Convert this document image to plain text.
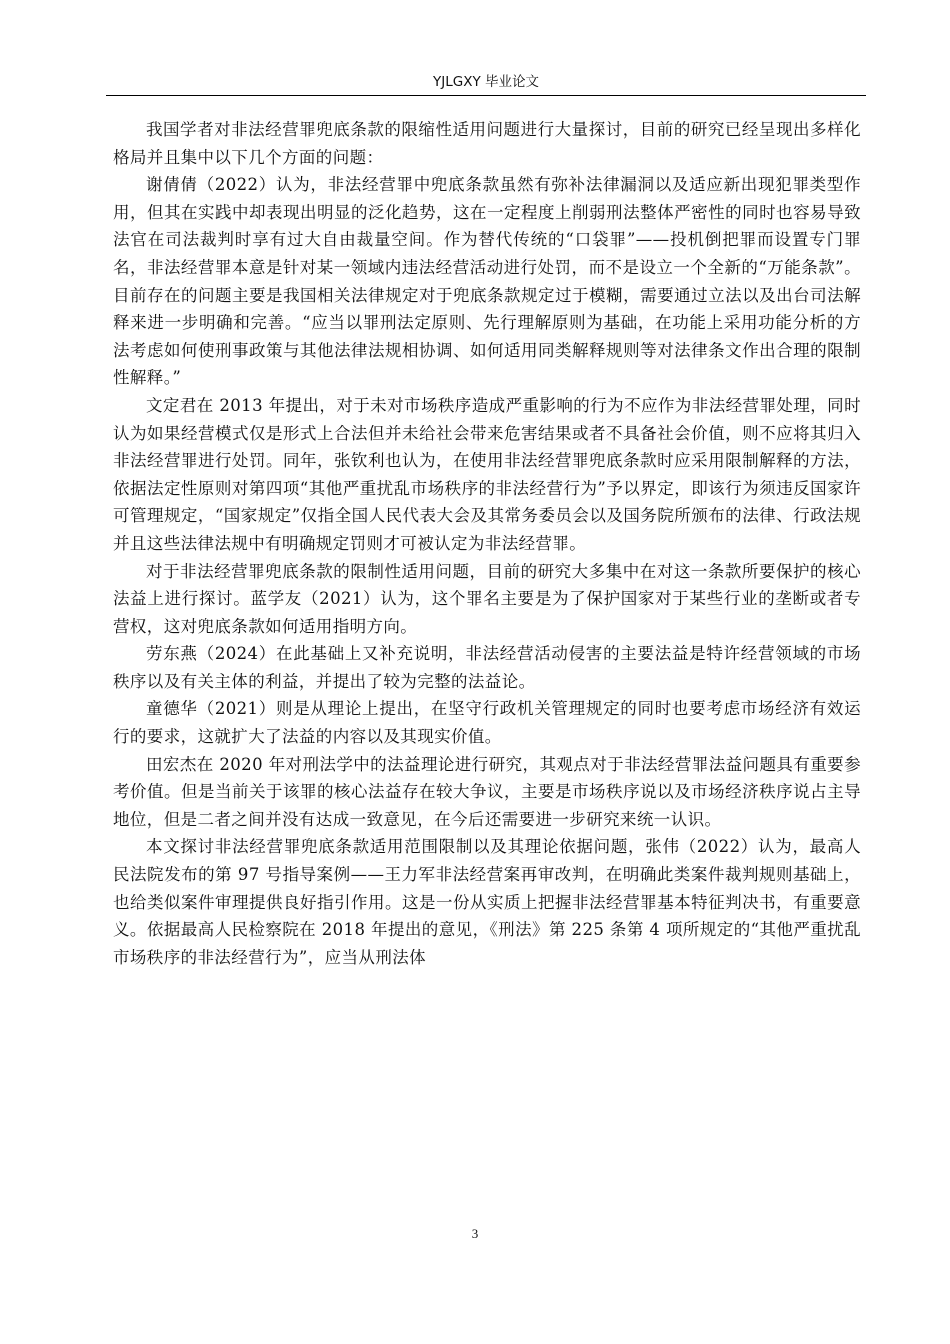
YJLGXY 毕业论文

我国学者对非法经营罪兜底条款的限缩性适用问题进行大量探讨，目前的研究已经呈现出多样化格局并且集中以下几个方面的问题：

谢倩倩（2022）认为，非法经营罪中兜底条款虽然有弥补法律漏洞以及适应新出现犯罪类型作用，但其在实践中却表现出明显的泛化趋势，这在一定程度上削弱刑法整体严密性的同时也容易导致法官在司法裁判时享有过大自由裁量空间。作为替代传统的“口袋罪”——投机倒把罪而设置专门罪名，非法经营罪本意是针对某一领域内违法经营活动进行处罚，而不是设立一个全新的“万能条款”。目前存在的问题主要是我国相关法律规定对于兜底条款规定过于模糊，需要通过立法以及出台司法解释来进一步明确和完善。“应当以罪刑法定原则、先行理解原则为基础，在功能上采用功能分析的方法考虑如何使刑事政策与其他法律法规相协调、如何适用同类解释规则等对法律条文作出合理的限制性解释。”

文定君在 2013 年提出，对于未对市场秩序造成严重影响的行为不应作为非法经营罪处理，同时认为如果经营模式仅是形式上合法但并未给社会带来危害结果或者不具备社会价值，则不应将其归入非法经营罪进行处罚。同年，张钦利也认为，在使用非法经营罪兜底条款时应采用限制解释的方法，依据法定性原则对第四项“其他严重扰乱市场秩序的非法经营行为”予以界定，即该行为须违反国家许可管理规定，“国家规定”仅指全国人民代表大会及其常务委员会以及国务院所颁布的法律、行政法规并且这些法律法规中有明确规定罚则才可被认定为非法经营罪。

对于非法经营罪兜底条款的限制性适用问题，目前的研究大多集中在对这一条款所要保护的核心法益上进行探讨。蓝学友（2021）认为，这个罪名主要是为了保护国家对于某些行业的垄断或者专营权，这对兜底条款如何适用指明方向。

劳东燕（2024）在此基础上又补充说明，非法经营活动侵害的主要法益是特许经营领域的市场秩序以及有关主体的利益，并提出了较为完整的法益论。

童德华（2021）则是从理论上提出，在坚守行政机关管理规定的同时也要考虑市场经济有效运行的要求，这就扩大了法益的内容以及其现实价值。

田宏杰在 2020 年对刑法学中的法益理论进行研究，其观点对于非法经营罪法益问题具有重要参考价值。但是当前关于该罪的核心法益存在较大争议，主要是市场秩序说以及市场经济秩序说占主导地位，但是二者之间并没有达成一致意见，在今后还需要进一步研究来统一认识。

本文探讨非法经营罪兜底条款适用范围限制以及其理论依据问题，张伟（2022）认为，最高人民法院发布的第 97 号指导案例——王力军非法经营案再审改判，在明确此类案件裁判规则基础上，也给类似案件审理提供良好指引作用。这是一份从实质上把握非法经营罪基本特征判决书，有重要意义。依据最高人民检察院在 2018 年提出的意见，《刑法》第 225 条第 4 项所规定的“其他严重扰乱市场秩序的非法经营行为”，应当从刑法体

3
